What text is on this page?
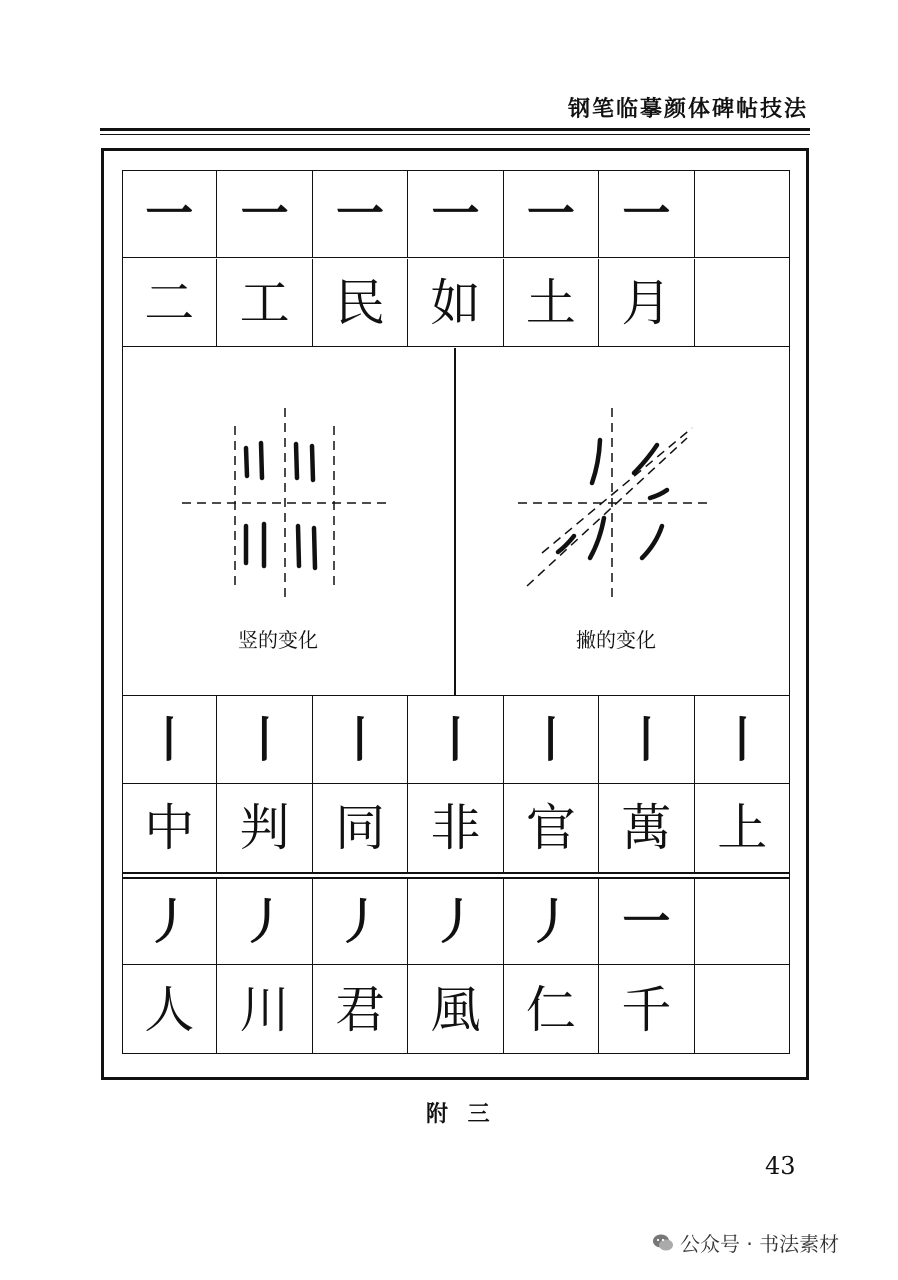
钢笔临摹颜体碑帖技法
一 一 一 一 一 一
二 工 民 如 土 月
竖的变化	撇的变化
丨 丨 丨 丨 丨 丨 丨
中 判 同 非 官 萬 上
丿 丿 丿 丿 丿 一
人 川 君 風 仁 千
附 三
43
公众号 · 书法素材
